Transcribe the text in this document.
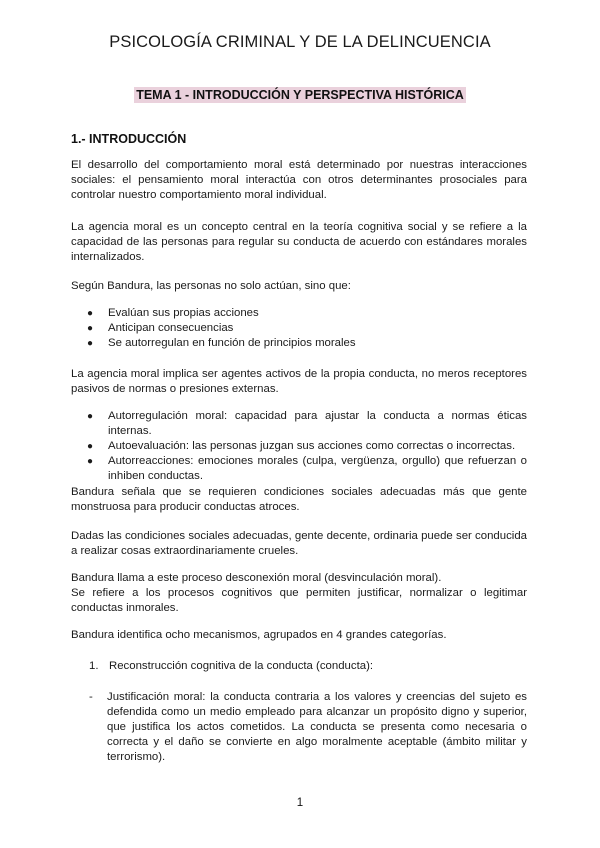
PSICOLOGÍA CRIMINAL Y DE LA DELINCUENCIA
TEMA 1 - INTRODUCCIÓN Y PERSPECTIVA HISTÓRICA
1.- INTRODUCCIÓN
El desarrollo del comportamiento moral está determinado por nuestras interacciones sociales: el pensamiento moral interactúa con otros determinantes prosociales para controlar nuestro comportamiento moral individual.
La agencia moral es un concepto central en la teoría cognitiva social y se refiere a la capacidad de las personas para regular su conducta de acuerdo con estándares morales internalizados.
Según Bandura, las personas no solo actúan, sino que:
● Evalúan sus propias acciones
● Anticipan consecuencias
● Se autorregulan en función de principios morales
La agencia moral implica ser agentes activos de la propia conducta, no meros receptores pasivos de normas o presiones externas.
● Autorregulación moral: capacidad para ajustar la conducta a normas éticas internas.
● Autoevaluación: las personas juzgan sus acciones como correctas o incorrectas.
● Autorreacciones: emociones morales (culpa, vergüenza, orgullo) que refuerzan o inhiben conductas.
Bandura señala que se requieren condiciones sociales adecuadas más que gente monstruosa para producir conductas atroces.
Dadas las condiciones sociales adecuadas, gente decente, ordinaria puede ser conducida a realizar cosas extraordinariamente crueles.
Bandura llama a este proceso desconexión moral (desvinculación moral).
Se refiere a los procesos cognitivos que permiten justificar, normalizar o legitimar conductas inmorales.
Bandura identifica ocho mecanismos, agrupados en 4 grandes categorías.
1. Reconstrucción cognitiva de la conducta (conducta):
- Justificación moral: la conducta contraria a los valores y creencias del sujeto es defendida como un medio empleado para alcanzar un propósito digno y superior, que justifica los actos cometidos. La conducta se presenta como necesaria o correcta y el daño se convierte en algo moralmente aceptable (ámbito militar y terrorismo).
1
